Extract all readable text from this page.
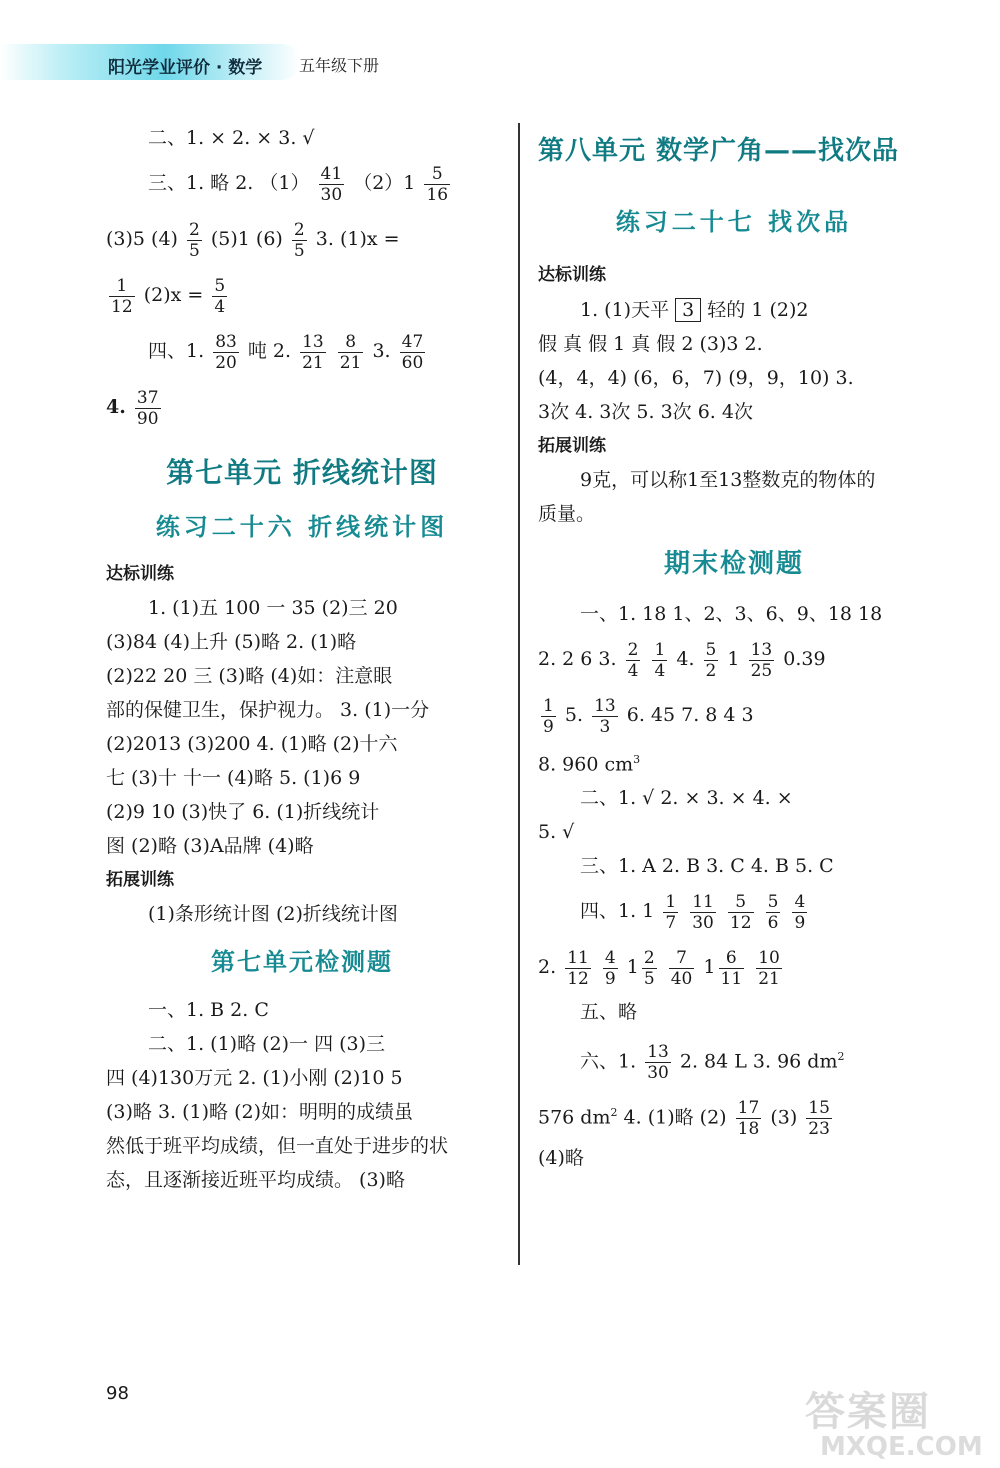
阳光学业评价 · 数学 五年级下册
二、1. × 2. × 3. √
三、1. 略 2. $(1) \frac{41}{30} (2)1 \frac{5}{16}$
(3)5 $(4) \frac{2}{5} (5)1$ $(6) \frac{2}{5} 3$. (1)x =
$\frac{1}{12} (2)x = \frac{5}{4}$
四、1. $\frac{83}{20}$ 吨 2. $\frac{13}{21}$
$\frac{8}{21} 3$. $\frac{47}{60}$
4. $\frac{37}{90}$
第七单元 折线统计图
练习二十六 折线统计图
达标训练
1. (1)五 100 一 35 (2)三 20
(3)84 (4)上升 (5)略 2. (1)略
(2)22 20 三 (3)略 (4)如：注意眼
部的保健卫生，保护视力。 3. (1)一分
(2)2013 (3)200 4. (1)略 (2)十六
七 (3)十 十一 (4)略 5. (1)6 9
(2)9 10 (3)快了 6. (1)折线统计
图 (2)略 (3)A品牌 (4)略
拓展训练
(1)条形统计图 (2)折线统计图
第七单元检测题
一、1. B 2. C
二、1. (1)略 (2)一 四 (3)三
四 (4)130万元 2. (1)小刚 (2)10 5
(3)略 3. (1)略 (2)如：明明的成绩虽
然低于班平均成绩，但一直处于进步的状
态，且逐渐接近班平均成绩。 (3)略
第八单元 数学广角——找次品
练习二十七 找次品
达标训练
1. (1)天平 3 轻的 1 (2)2
假 真 假 1 真 假 2 (3)3 2.
(4，4，4) (6，6，7) (9，9，10) 3.
3次 4. 3次 5. 3次 6. 4次
拓展训练
9克，可以称1至13整数克的物体的
质量。
期末检测题
一、1. 18 1、2、3、6、9、18 18
2. 2 6 3. $\frac{2}{4}$
$\frac{1}{4} 4$. $\frac{5}{2} 1 \frac{13}{25} 0.39$
$\frac{1}{9} 5$. $\frac{13}{3} 6$. 45 7. 8 4 3
8. 960 $cm^3$
二、1. √ 2. × 3. × 4. ×
5. √
三、1. A 2. B 3. C 4. B 5. C
四、1. $1 \frac{1}{7}$
$\frac{11}{30}$
$\frac{5}{12}$
$\frac{5}{6}$
$\frac{4}{9}$
2. $\frac{11}{12}$
$\frac{4}{9} 1 \frac{2}{5}$
$\frac{7}{40} 1 \frac{6}{11}$
$\frac{10}{21}$
五、略
六、1. $\frac{13}{30} 2$. 84 L 3. 96 $dm^2$
576 $dm^2$ 4. (1)略 $(2) \frac{17}{18} (3) \frac{15}{23}$
(4)略
98	答案圈
MXQE.COM
